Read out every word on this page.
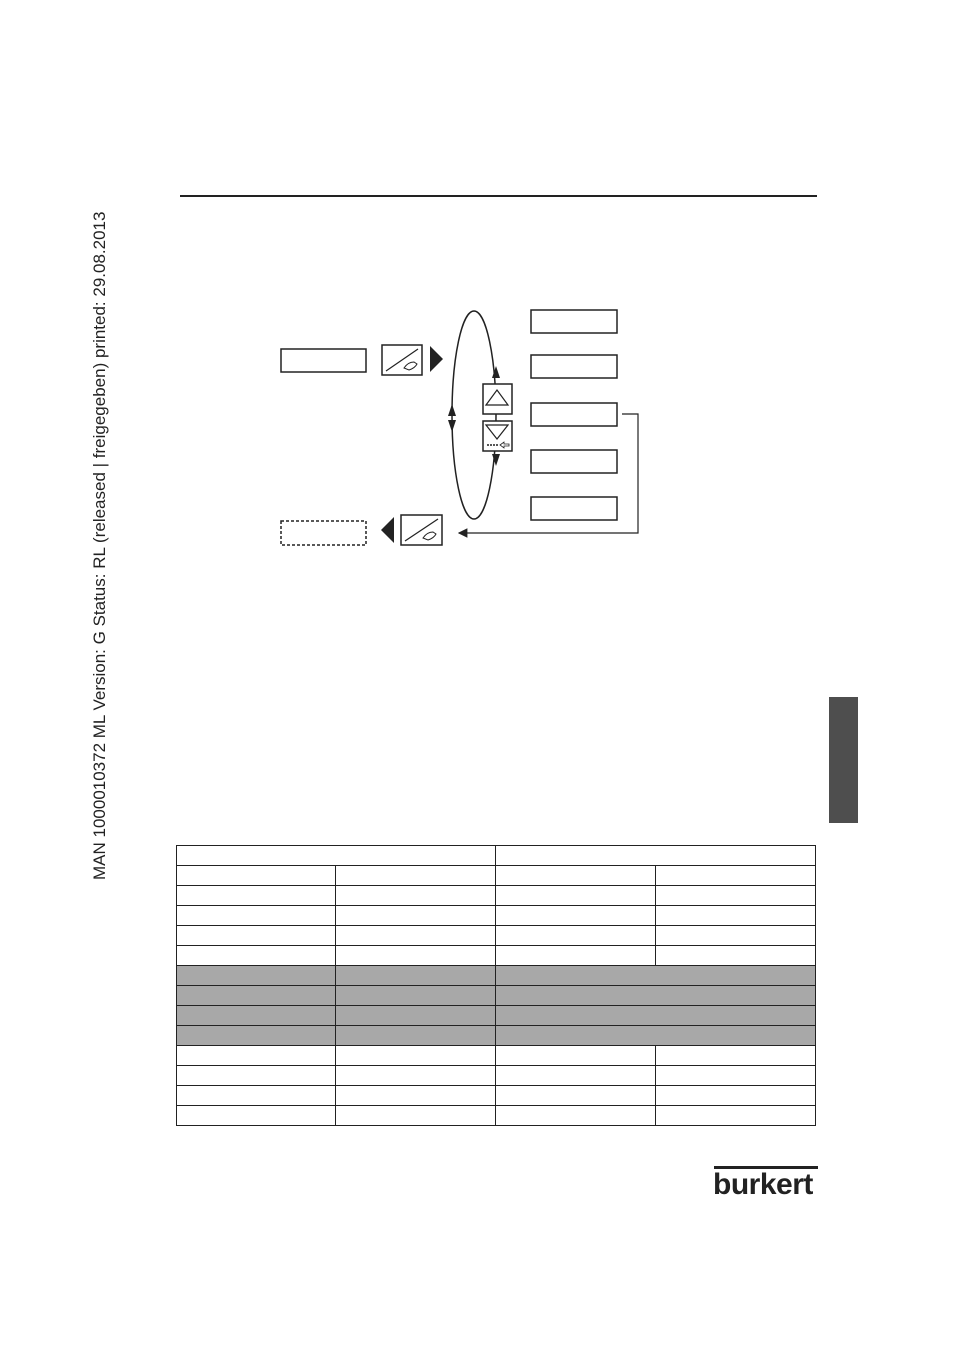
MAN 1000010372 ML Version: G Status: RL (released | freigegeben) printed: 29.08.2013

burkert
